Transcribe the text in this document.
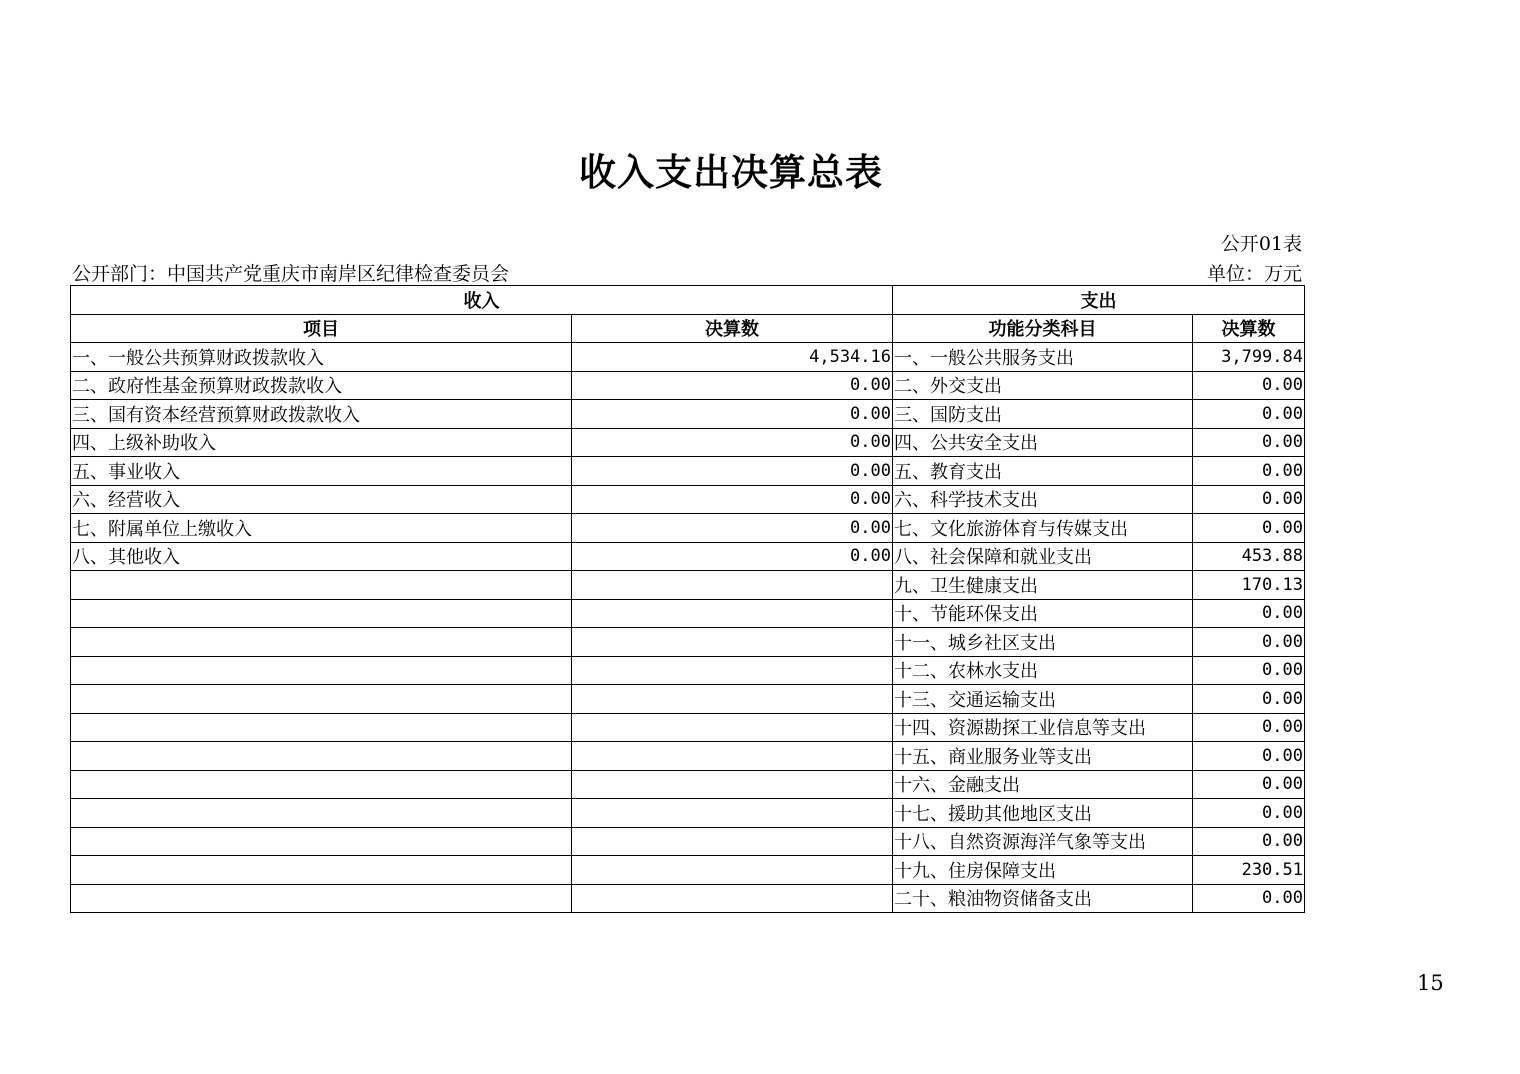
收入支出决算总表
公开01表
公开部门：中国共产党重庆市南岸区纪律检查委员会	单位：万元
收入		支出	
项目	决算数	功能分类科目	决算数
一、一般公共预算财政拨款收入	4,534.16	一、一般公共服务支出	3,799.84
二、政府性基金预算财政拨款收入	0.00	二、外交支出	0.00
三、国有资本经营预算财政拨款收入	0.00	三、国防支出	0.00
四、上级补助收入	0.00	四、公共安全支出	0.00
五、事业收入	0.00	五、教育支出	0.00
六、经营收入	0.00	六、科学技术支出	0.00
七、附属单位上缴收入	0.00	七、文化旅游体育与传媒支出	0.00
八、其他收入	0.00	八、社会保障和就业支出	453.88
		九、卫生健康支出	170.13
		十、节能环保支出	0.00
		十一、城乡社区支出	0.00
		十二、农林水支出	0.00
		十三、交通运输支出	0.00
		十四、资源勘探工业信息等支出	0.00
		十五、商业服务业等支出	0.00
		十六、金融支出	0.00
		十七、援助其他地区支出	0.00
		十八、自然资源海洋气象等支出	0.00
		十九、住房保障支出	230.51
		二十、粮油物资储备支出	0.00
15
